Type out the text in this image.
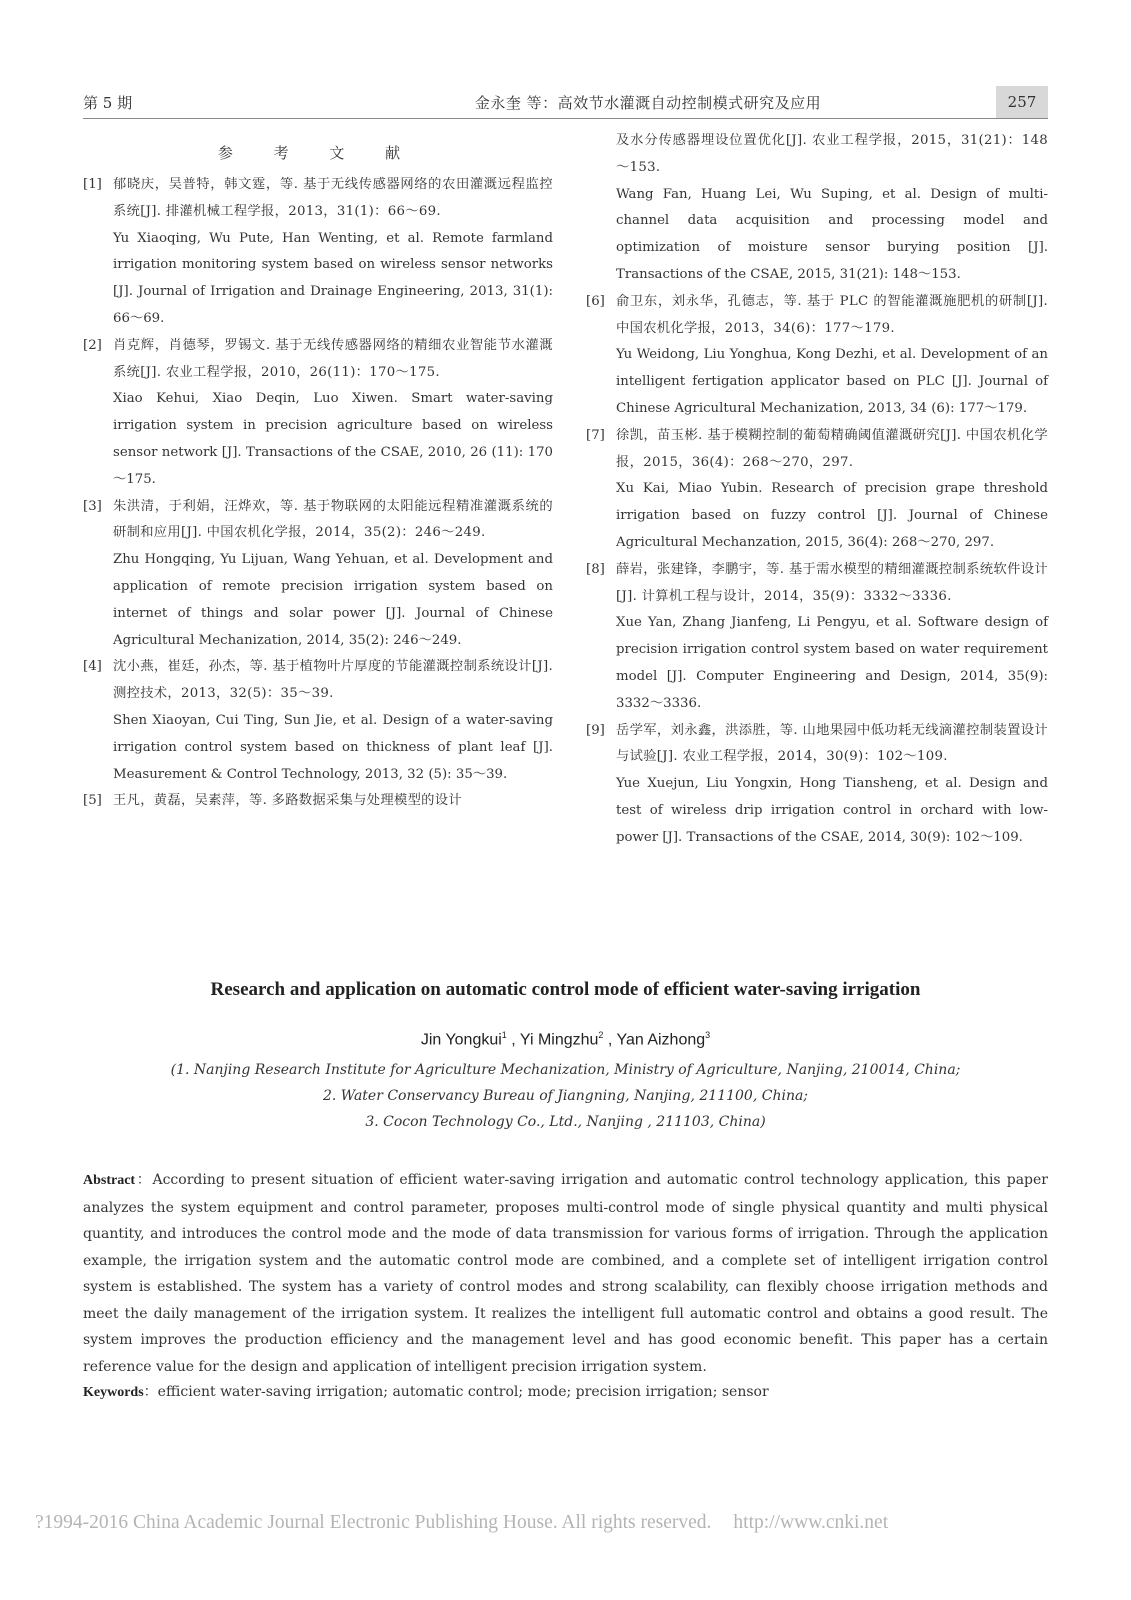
第 5 期	金永奎 等：高效节水灌溉自动控制模式研究及应用	257
参 考 文 献
[1] 郁晓庆，吴普特，韩文霆，等. 基于无线传感器网络的农田灌溉远程监控系统[J]. 排灌机械工程学报，2013，31(1)：66～69.
Yu Xiaoqing, Wu Pute, Han Wenting, et al. Remote farmland irrigation monitoring system based on wireless sensor networks [J]. Journal of Irrigation and Drainage Engineering, 2013, 31(1): 66～69.
[2] 肖克辉，肖德琴，罗锡文. 基于无线传感器网络的精细农业智能节水灌溉系统[J]. 农业工程学报，2010，26(11)：170～175.
Xiao Kehui, Xiao Deqin, Luo Xiwen. Smart water-saving irrigation system in precision agriculture based on wireless sensor network [J]. Transactions of the CSAE, 2010, 26 (11): 170～175.
[3] 朱洪清，于利娟，汪烨欢，等. 基于物联网的太阳能远程精准灌溉系统的研制和应用[J]. 中国农机化学报，2014，35(2)：246～249.
Zhu Hongqing, Yu Lijuan, Wang Yehuan, et al. Development and application of remote precision irrigation system based on internet of things and solar power [J]. Journal of Chinese Agricultural Mechanization, 2014, 35(2): 246～249.
[4] 沈小燕，崔廷，孙杰，等. 基于植物叶片厚度的节能灌溉控制系统设计[J]. 测控技术，2013，32(5)：35～39.
Shen Xiaoyan, Cui Ting, Sun Jie, et al. Design of a water-saving irrigation control system based on thickness of plant leaf [J]. Measurement & Control Technology, 2013, 32 (5): 35～39.
[5] 王凡，黄磊，吴素萍，等. 多路数据采集与处理模型的设计
及水分传感器埋设位置优化[J]. 农业工程学报，2015，31(21)：148～153.
Wang Fan, Huang Lei, Wu Suping, et al. Design of multi-channel data acquisition and processing model and optimization of moisture sensor burying position [J]. Transactions of the CSAE, 2015, 31(21): 148～153.
[6] 俞卫东，刘永华，孔德志，等. 基于 PLC 的智能灌溉施肥机的研制[J]. 中国农机化学报，2013，34(6)：177～179.
Yu Weidong, Liu Yonghua, Kong Dezhi, et al. Development of an intelligent fertigation applicator based on PLC [J]. Journal of Chinese Agricultural Mechanization, 2013, 34 (6): 177～179.
[7] 徐凯，苗玉彬. 基于模糊控制的葡萄精确阈值灌溉研究[J]. 中国农机化学报，2015，36(4)：268～270，297.
Xu Kai, Miao Yubin. Research of precision grape threshold irrigation based on fuzzy control [J]. Journal of Chinese Agricultural Mechanzation, 2015, 36(4): 268～270, 297.
[8] 薛岩，张建锋，李鹏宇，等. 基于需水模型的精细灌溉控制系统软件设计[J]. 计算机工程与设计，2014，35(9)：3332～3336.
Xue Yan, Zhang Jianfeng, Li Pengyu, et al. Software design of precision irrigation control system based on water requirement model [J]. Computer Engineering and Design, 2014, 35(9): 3332～3336.
[9] 岳学军，刘永鑫，洪添胜，等. 山地果园中低功耗无线滴灌控制装置设计与试验[J]. 农业工程学报，2014，30(9)：102～109.
Yue Xuejun, Liu Yongxin, Hong Tiansheng, et al. Design and test of wireless drip irrigation control in orchard with low-power [J]. Transactions of the CSAE, 2014, 30(9): 102～109.
Research and application on automatic control mode of efficient water-saving irrigation
Jin Yongkui$^1$ , Yi Mingzhu$^2$ , Yan Aizhong$^3$
(1. Nanjing Research Institute for Agriculture Mechanization, Ministry of Agriculture, Nanjing, 210014, China;
2. Water Conservancy Bureau of Jiangning, Nanjing, 211100, China;
3. Cocon Technology Co., Ltd., Nanjing , 211103, China)
Abstract：According to present situation of efficient water-saving irrigation and automatic control technology application, this paper analyzes the system equipment and control parameter, proposes multi-control mode of single physical quantity and multi physical quantity, and introduces the control mode and the mode of data transmission for various forms of irrigation. Through the application example, the irrigation system and the automatic control mode are combined, and a complete set of intelligent irrigation control system is established. The system has a variety of control modes and strong scalability, can flexibly choose irrigation methods and meet the daily management of the irrigation system. It realizes the intelligent full automatic control and obtains a good result. The system improves the production efficiency and the management level and has good economic benefit. This paper has a certain reference value for the design and application of intelligent precision irrigation system.
Keywords：efficient water-saving irrigation; automatic control; mode; precision irrigation; sensor
?1994-2016 China Academic Journal Electronic Publishing House. All rights reserved. http://www.cnki.net
